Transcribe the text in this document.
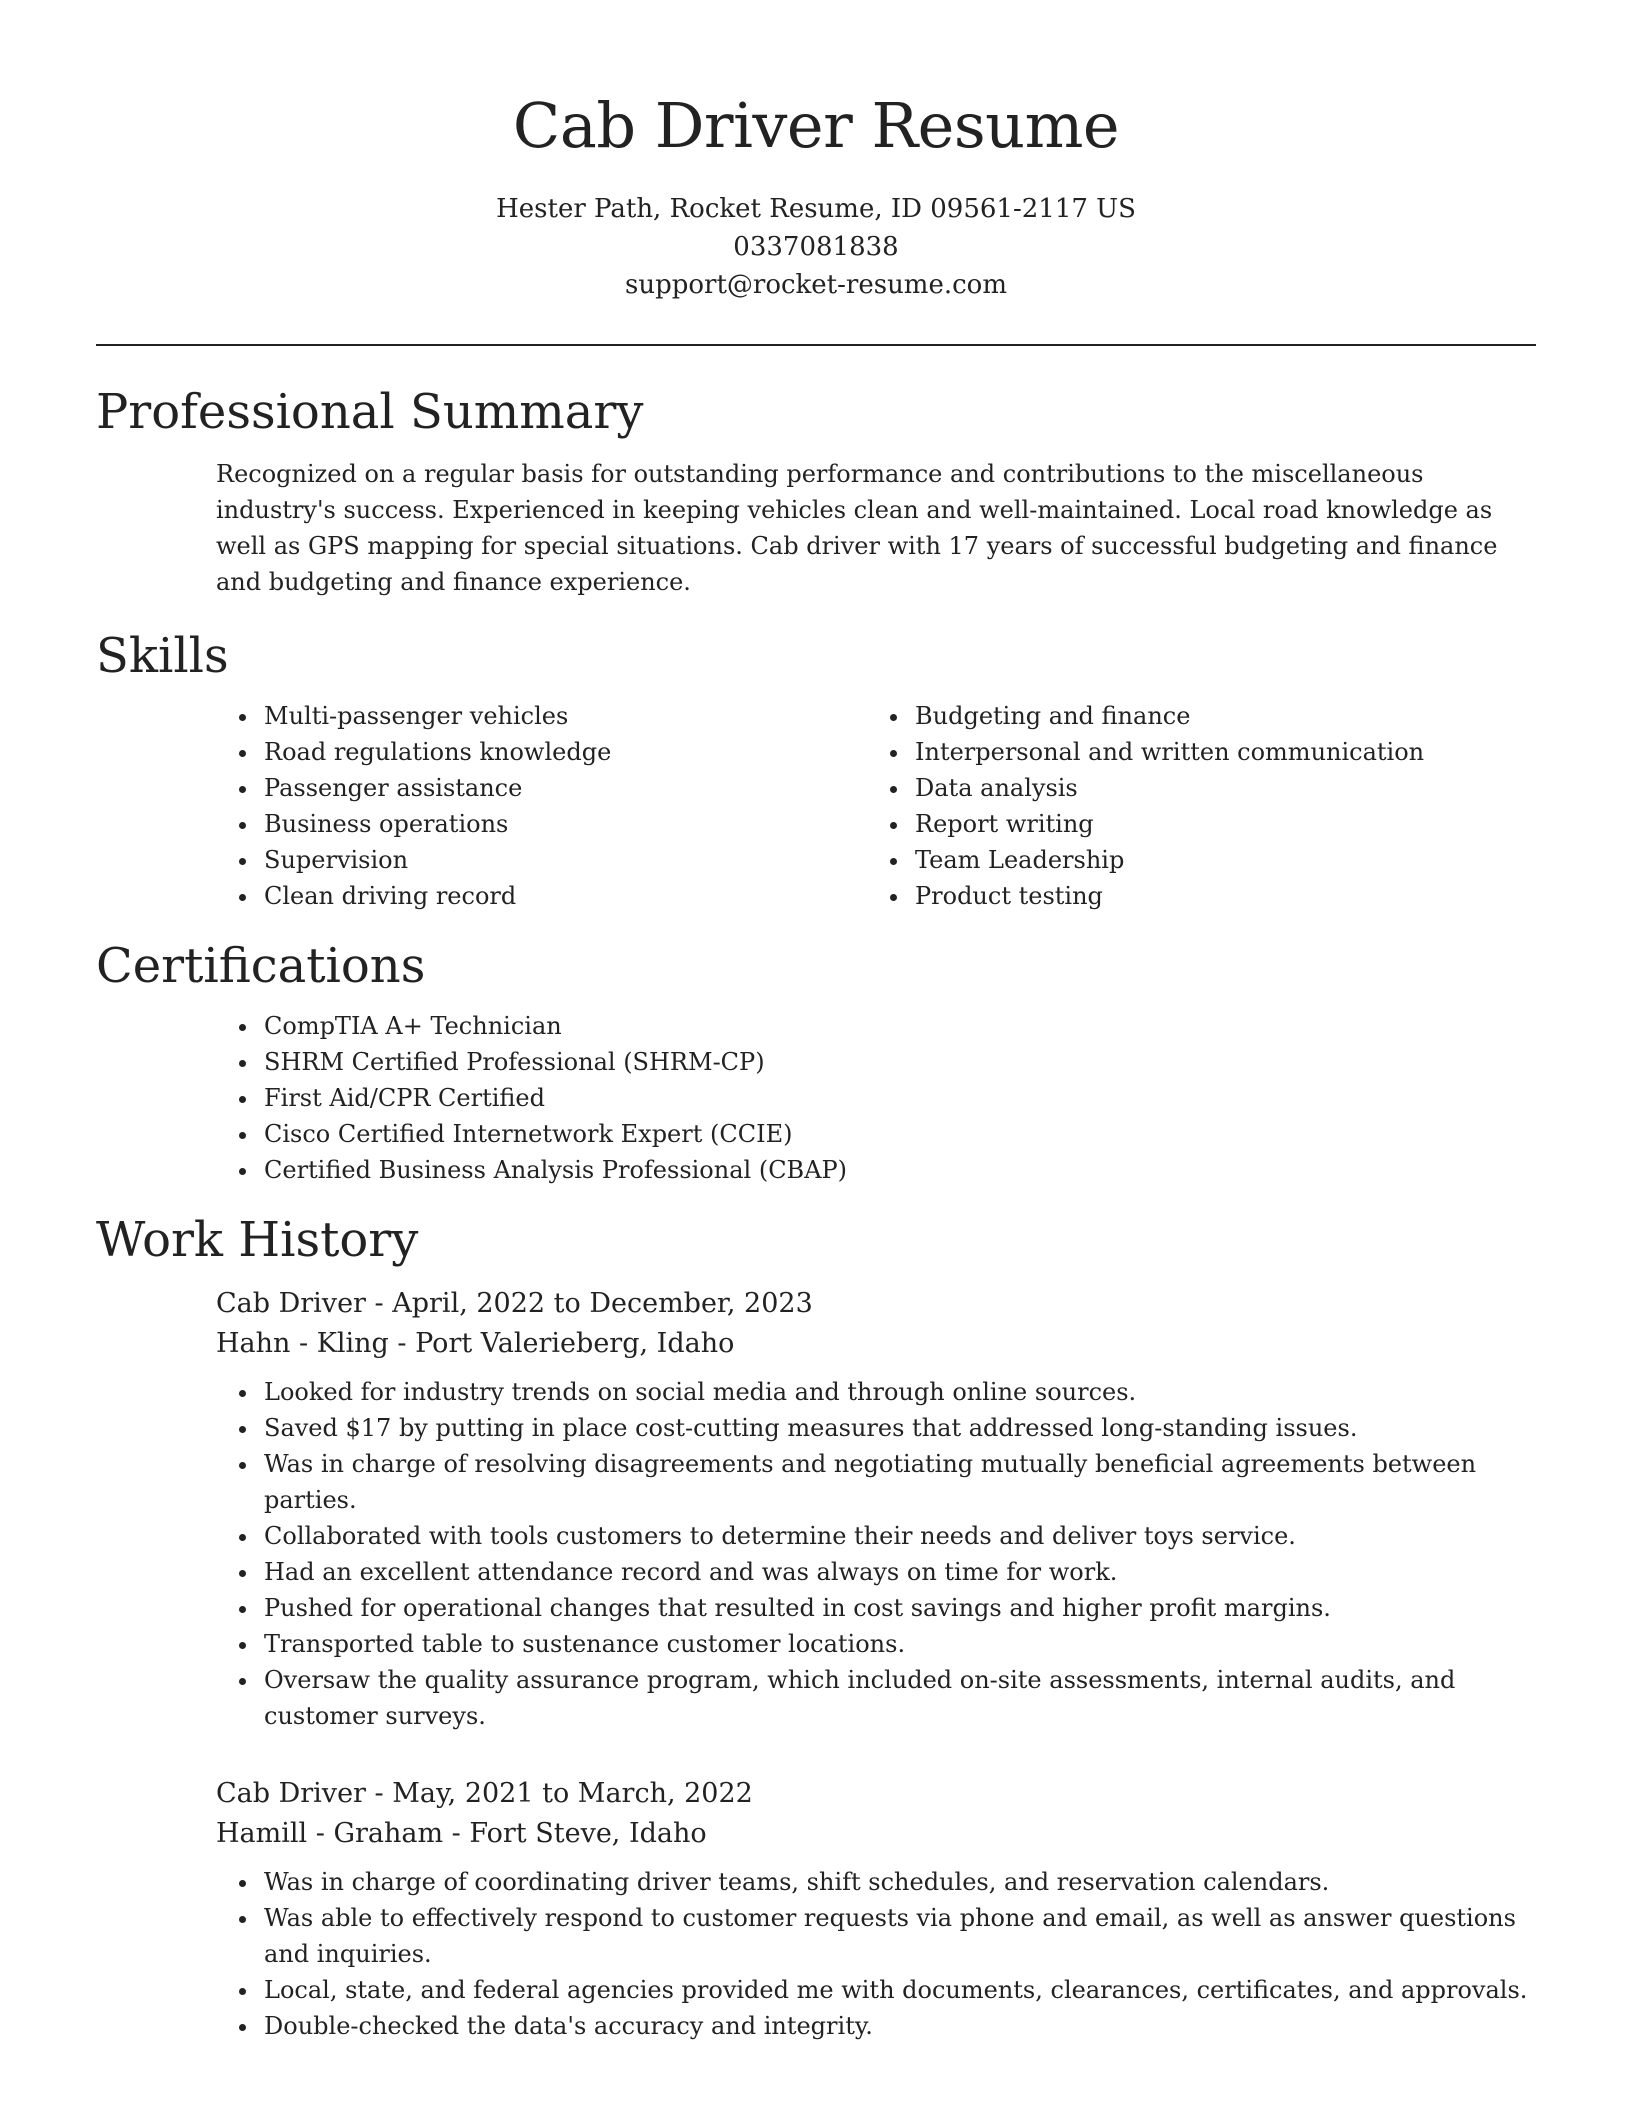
Cab Driver Resume
Hester Path, Rocket Resume, ID 09561-2117 US
0337081838
support@rocket-resume.com
Professional Summary

Recognized on a regular basis for outstanding performance and contributions to the miscellaneous industry's success. Experienced in keeping vehicles clean and well-maintained. Local road knowledge as well as GPS mapping for special situations. Cab driver with 17 years of successful budgeting and finance and budgeting and finance experience.

Skills
• Multi-passenger vehicles
• Road regulations knowledge
• Passenger assistance
• Business operations
• Supervision
• Clean driving record
• Budgeting and finance
• Interpersonal and written communication
• Data analysis
• Report writing
• Team Leadership
• Product testing
Certifications
• CompTIA A+ Technician
• SHRM Certified Professional (SHRM-CP)
• First Aid/CPR Certified
• Cisco Certified Internetwork Expert (CCIE)
• Certified Business Analysis Professional (CBAP)
Work History
Cab Driver - April, 2022 to December, 2023
Hahn - Kling - Port Valerieberg, Idaho
• Looked for industry trends on social media and through online sources.
• Saved $17 by putting in place cost-cutting measures that addressed long-standing issues.
• Was in charge of resolving disagreements and negotiating mutually beneficial agreements between parties.
• Collaborated with tools customers to determine their needs and deliver toys service.
• Had an excellent attendance record and was always on time for work.
• Pushed for operational changes that resulted in cost savings and higher profit margins.
• Transported table to sustenance customer locations.
• Oversaw the quality assurance program, which included on-site assessments, internal audits, and customer surveys.
Cab Driver - May, 2021 to March, 2022
Hamill - Graham - Fort Steve, Idaho
• Was in charge of coordinating driver teams, shift schedules, and reservation calendars.
• Was able to effectively respond to customer requests via phone and email, as well as answer questions and inquiries.
• Local, state, and federal agencies provided me with documents, clearances, certificates, and approvals.
• Double-checked the data's accuracy and integrity.
